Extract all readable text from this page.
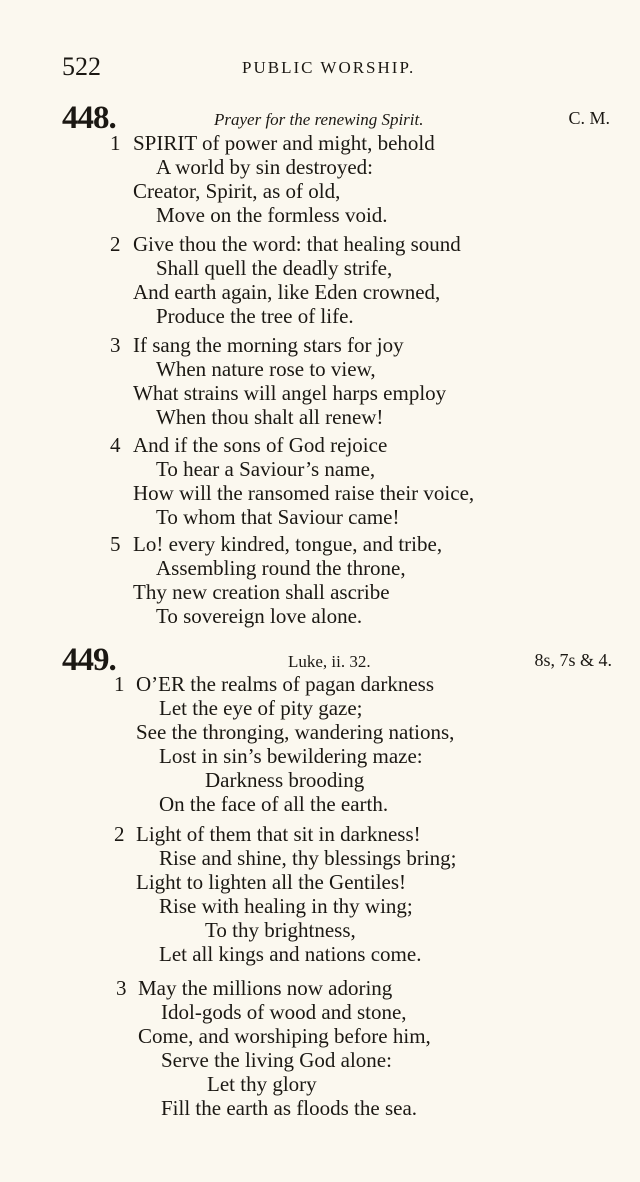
522	PUBLIC WORSHIP.
448.	Prayer for the renewing Spirit.	C. M.
1 SPIRIT of power and might, behold
A world by sin destroyed:
Creator, Spirit, as of old,
Move on the formless void.
2 Give thou the word: that healing sound
Shall quell the deadly strife,
And earth again, like Eden crowned,
Produce the tree of life.
3 If sang the morning stars for joy
When nature rose to view,
What strains will angel harps employ
When thou shalt all renew!
4 And if the sons of God rejoice
To hear a Saviour’s name,
How will the ransomed raise their voice,
To whom that Saviour came!
5 Lo! every kindred, tongue, and tribe,
Assembling round the throne,
Thy new creation shall ascribe
To sovereign love alone.
449.	Luke, ii. 32.	8s, 7s & 4.
1 O’ER the realms of pagan darkness
Let the eye of pity gaze;
See the thronging, wandering nations,
Lost in sin’s bewildering maze:
Darkness brooding
On the face of all the earth.
2 Light of them that sit in darkness!
Rise and shine, thy blessings bring;
Light to lighten all the Gentiles!
Rise with healing in thy wing;
To thy brightness,
Let all kings and nations come.
3 May the millions now adoring
Idol-gods of wood and stone,
Come, and worshiping before him,
Serve the living God alone:
Let thy glory
Fill the earth as floods the sea.
